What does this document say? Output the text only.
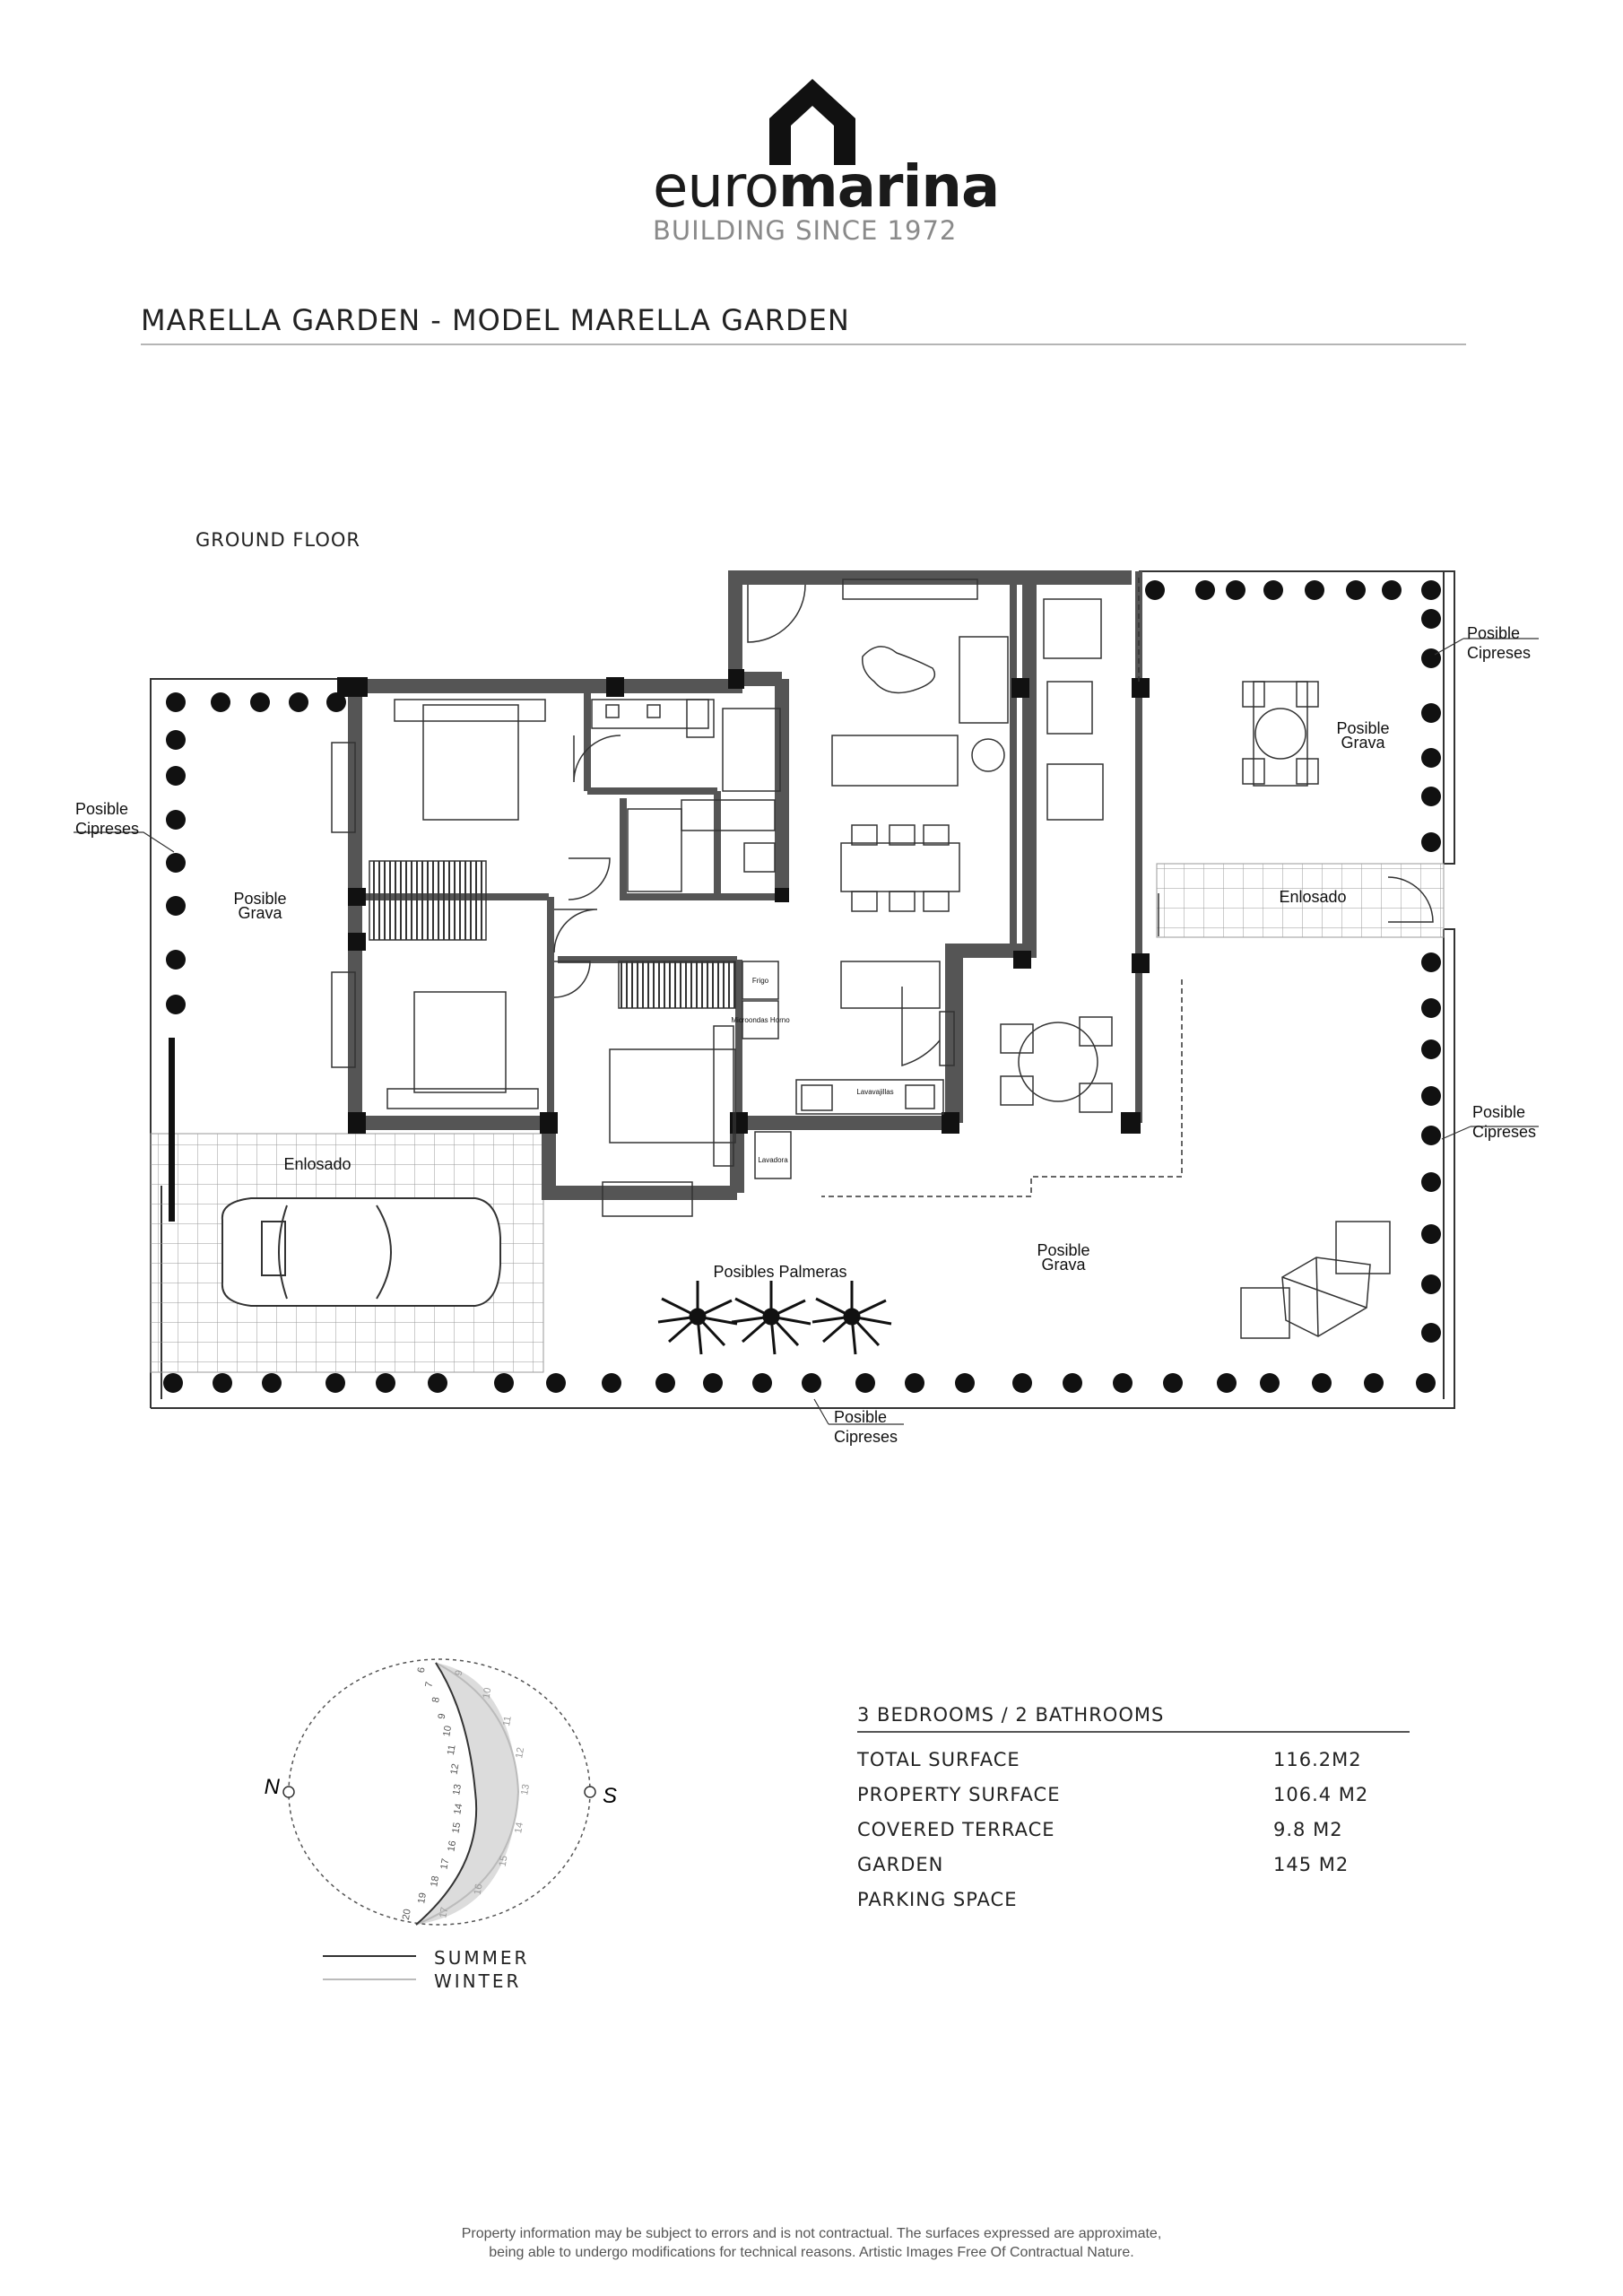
euromarina
BUILDING SINCE 1972
MARELLA GARDEN - MODEL MARELLA GARDEN
GROUND FLOOR
Posible
Cipreses
Posible
Cipreses
Posible
Cipreses
Posible
Cipreses
Posible
Grava
Posible
Grava
Posible
Grava
Enlosado
Enlosado
Posibles Palmeras
Frigo
Microondas Horno
Lavavajillas
Lavadora
N	S
6
7
8
9
10
11
12
13
14
15
16
17
18
19
20
9
10
11
12
13
14
15
16
17
SUMMER
WINTER
3 BEDROOMS / 2 BATHROOMS
TOTAL SURFACE	116.2M2
PROPERTY SURFACE	106.4 M2
COVERED TERRACE	9.8 M2
GARDEN	145 M2
PARKING SPACE
Property information may be subject to errors and is not contractual. The surfaces expressed are approximate,
being able to undergo modifications for technical reasons. Artistic Images Free Of Contractual Nature.
